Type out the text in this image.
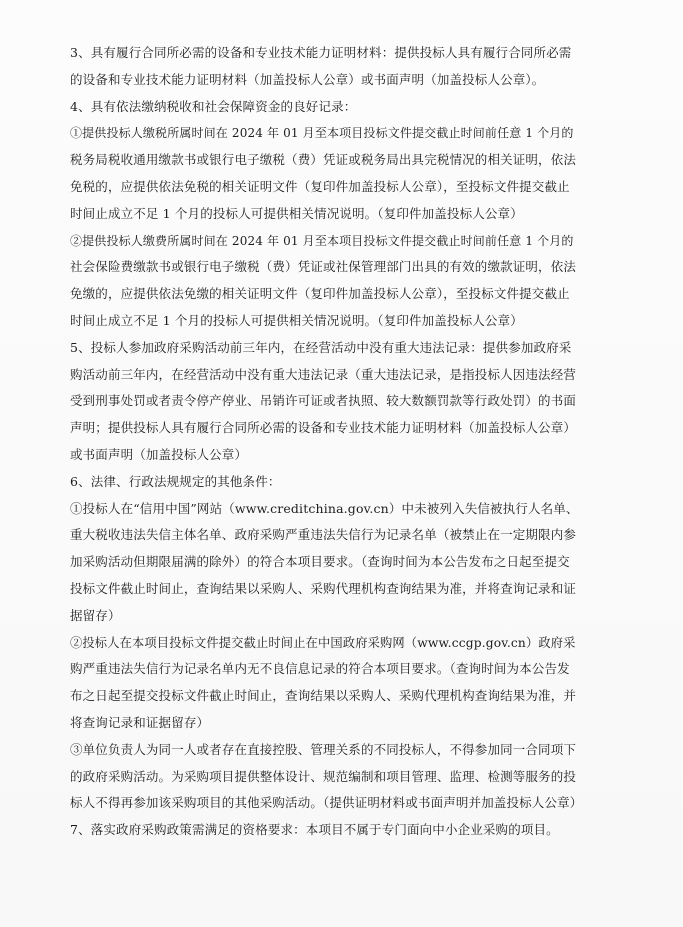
3、具有履行合同所必需的设备和专业技术能力证明材料：提供投标人具有履行合同所必需
的设备和专业技术能力证明材料（加盖投标人公章）或书面声明（加盖投标人公章）。
4、具有依法缴纳税收和社会保障资金的良好记录：
①提供投标人缴税所属时间在 2024 年 01 月至本项目投标文件提交截止时间前任意 1 个月的
税务局税收通用缴款书或银行电子缴税（费）凭证或税务局出具完税情况的相关证明，依法
免税的，应提供依法免税的相关证明文件（复印件加盖投标人公章），至投标文件提交截止
时间止成立不足 1 个月的投标人可提供相关情况说明。（复印件加盖投标人公章）
②提供投标人缴费所属时间在 2024 年 01 月至本项目投标文件提交截止时间前任意 1 个月的
社会保险费缴款书或银行电子缴税（费）凭证或社保管理部门出具的有效的缴款证明，依法
免缴的，应提供依法免缴的相关证明文件（复印件加盖投标人公章），至投标文件提交截止
时间止成立不足 1 个月的投标人可提供相关情况说明。（复印件加盖投标人公章）
5、投标人参加政府采购活动前三年内，在经营活动中没有重大违法记录：提供参加政府采
购活动前三年内，在经营活动中没有重大违法记录（重大违法记录，是指投标人因违法经营
受到刑事处罚或者责令停产停业、吊销许可证或者执照、较大数额罚款等行政处罚）的书面
声明；提供投标人具有履行合同所必需的设备和专业技术能力证明材料（加盖投标人公章）
或书面声明（加盖投标人公章）
6、法律、行政法规规定的其他条件：
①投标人在“信用中国”网站（www.creditchina.gov.cn）中未被列入失信被执行人名单、
重大税收违法失信主体名单、政府采购严重违法失信行为记录名单（被禁止在一定期限内参
加采购活动但期限届满的除外）的符合本项目要求。（查询时间为本公告发布之日起至提交
投标文件截止时间止，查询结果以采购人、采购代理机构查询结果为准，并将查询记录和证
据留存）
②投标人在本项目投标文件提交截止时间止在中国政府采购网（www.ccgp.gov.cn）政府采
购严重违法失信行为记录名单内无不良信息记录的符合本项目要求。（查询时间为本公告发
布之日起至提交投标文件截止时间止，查询结果以采购人、采购代理机构查询结果为准，并
将查询记录和证据留存）
③单位负责人为同一人或者存在直接控股、管理关系的不同投标人，不得参加同一合同项下
的政府采购活动。为采购项目提供整体设计、规范编制和项目管理、监理、检测等服务的投
标人不得再参加该采购项目的其他采购活动。（提供证明材料或书面声明并加盖投标人公章）
7、落实政府采购政策需满足的资格要求：本项目不属于专门面向中小企业采购的项目。
